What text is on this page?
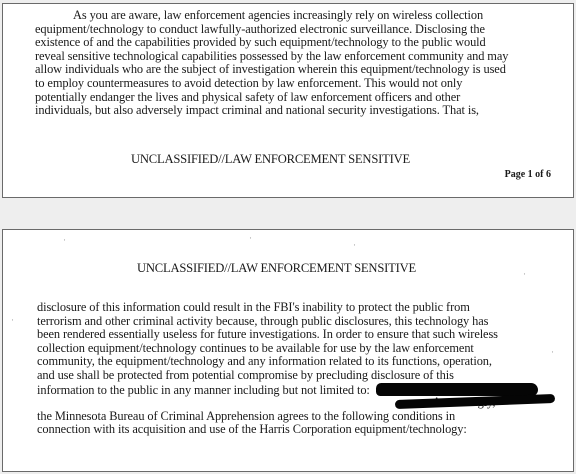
As you are aware, law enforcement agencies increasingly rely on wireless collection
equipment/technology to conduct lawfully-authorized electronic surveillance. Disclosing the
existence of and the capabilities provided by such equipment/technology to the public would
reveal sensitive technological capabilities possessed by the law enforcement community and may
allow individuals who are the subject of investigation wherein this equipment/technology is used
to employ countermeasures to avoid detection by law enforcement. This would not only
potentially endanger the lives and physical safety of law enforcement officers and other
individuals, but also adversely impact criminal and national security investigations. That is,
UNCLASSIFIED//LAW ENFORCEMENT SENSITIVE
Page 1 of 6
·	·
·
·
·
·
UNCLASSIFIED//LAW ENFORCEMENT SENSITIVE
disclosure of this information could result in the FBI's inability to protect the public from
terrorism and other criminal activity because, through public disclosures, this technology has
been rendered essentially useless for future investigations. In order to ensure that such wireless
collection equipment/technology continues to be available for use by the law enforcement
community, the equipment/technology and any information related to its functions, operation,
and use shall be protected from potential compromise by precluding disclosure of this
information to the public in any manner including but not limited to:
the Minnesota Bureau of Criminal Apprehension agrees to the following conditions in
connection with its acquisition and use of the Harris Corporation equipment/technology:
